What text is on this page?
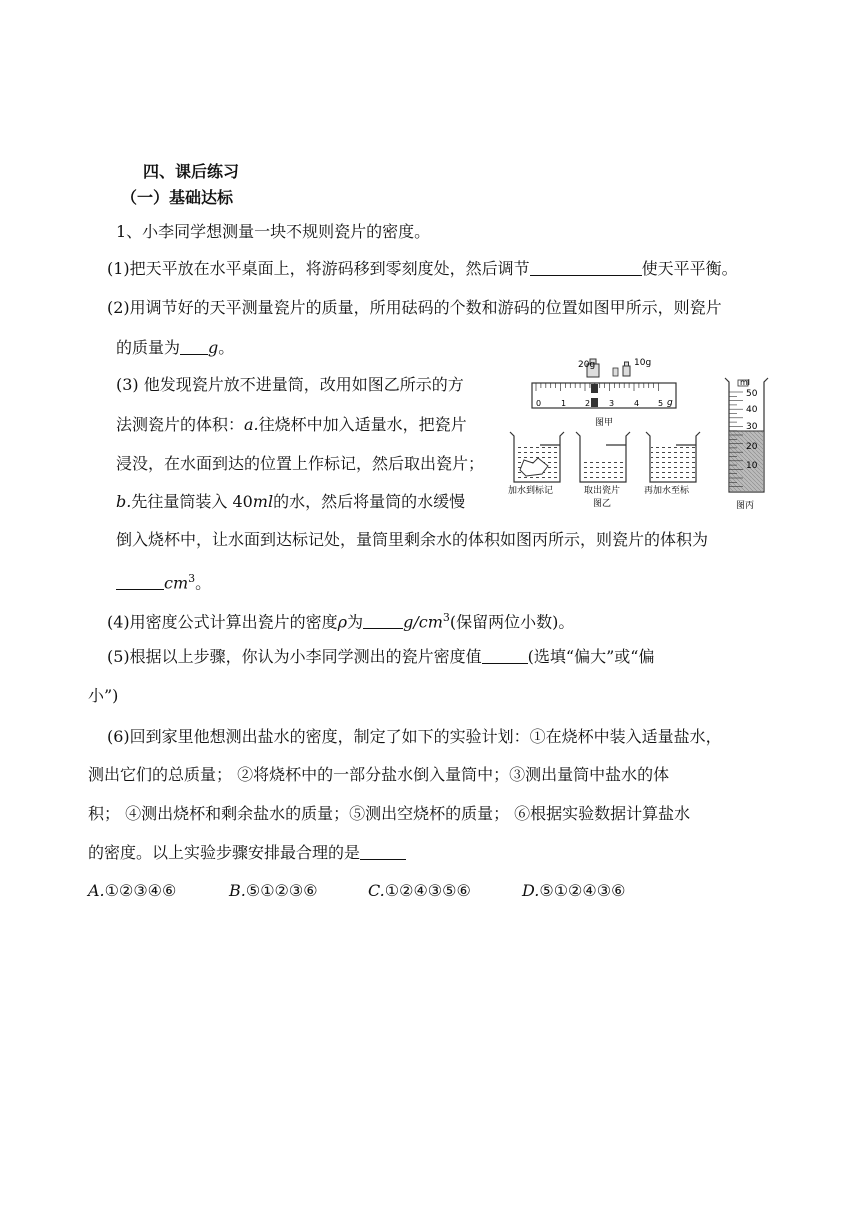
四、课后练习
（一）基础达标
1、小李同学想测量一块不规则瓷片的密度。
(1)把天平放在水平桌面上，将游码移到零刻度处，然后调节	使天平平衡。
(2)用调节好的天平测量瓷片的质量，所用砝码的个数和游码的位置如图甲所示，则瓷片
的质量为 g。
(3) 他发现瓷片放不进量筒，改用如图乙所示的方
法测瓷片的体积：a.往烧杯中加入适量水，把瓷片
浸没，在水面到达的位置上作标记，然后取出瓷片；
b.先往量筒装入 40ml的水，然后将量筒的水缓慢
倒入烧杯中，让水面到达标记处，量筒里剩余水的体积如图丙所示，则瓷片的体积为
$cm^3$。
(4)用密度公式计算出瓷片的密度ρ为	$g/cm^3$(保留两位小数)。
(5)根据以上步骤，你认为小李同学测出的瓷片密度值	(选填“偏大”或“偏
小”)
(6)回到家里他想测出盐水的密度，制定了如下的实验计划：①在烧杯中装入适量盐水，
测出它们的总质量； ②将烧杯中的一部分盐水倒入量筒中；③测出量筒中盐水的体
积； ④测出烧杯和剩余盐水的质量；⑤测出空烧杯的质量； ⑥根据实验数据计算盐水
的密度。以上实验步骤安排最合理的是
A.①②③④⑥	B.⑤①②③⑥	C.①②④③⑤⑥	D.⑤①②④③⑥
20g	10g
0 1 2 3 4 5 g
图甲
加水到标记	取出瓷片	再加水至标
图乙
ml
50
40
30
20
10
图丙
